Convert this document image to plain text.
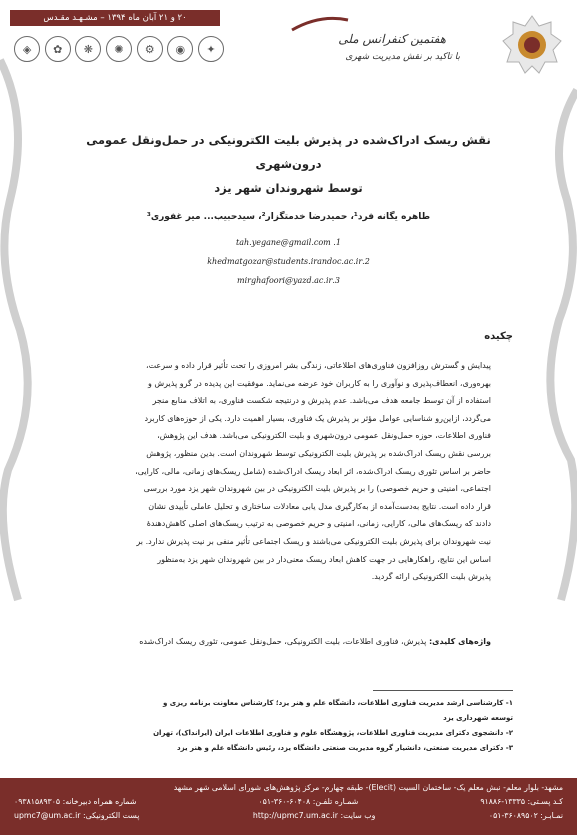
۲۰ و ۲۱ آبان ماه ۱۳۹۴ – مشـهـد مقـدس
◈	✿	❋	✺	⚙	◉	✦
هفتمین کنفرانس ملی
با تاکید بر نقش مدیریت شهری
نقش ریسک ادراک‌شده در پذیرش بلیت الکترونیکی در حمل‌ونقل عمومی درون‌شهری
توسط شهروندان شهر یزد
طاهره یگانه فرد¹، حمیدرضا خدمتگزار²، سیدحبیب... میر غفوری³
1. tah.yegane@gmail.com
2.khedmatgozar@students.irandoc.ac.ir
3.mirghafoori@yazd.ac.ir
چکیده
پیدایش و گسترش روزافزون فناوری‌های اطلاعاتی، زندگی بشر امروزی را تحت تأثیر قرار داده و سرعت،
بهره‌وری، انعطاف‌پذیری و نوآوری را به کاربران خود عرضه می‌نماید. موفقیت این پدیده در گرو پذیرش و
استفاده از آن توسط جامعه هدف می‌باشد. عدم پذیرش و درنتیجه شکست فناوری، به اتلاف منابع منجر
می‌گردد، ازاین‌رو شناسایی عوامل مؤثر بر پذیرش یک فناوری، بسیار اهمیت دارد. یکی از حوزه‌های کاربرد
فناوری اطلاعات، حوزه حمل‌ونقل عمومی درون‌شهری و بلیت الکترونیکی می‌باشد. هدف این پژوهش،
بررسی نقش ریسک ادراک‌شده بر پذیرش بلیت الکترونیکی توسط شهروندان است. بدین منظور، پژوهش
حاضر بر اساس تئوری ریسک ادراک‌شده، اثر ابعاد ریسک ادراک‌شده (شامل ریسک‌های زمانی، مالی، کارایی،
اجتماعی، امنیتی و حریم خصوصی) را بر پذیرش بلیت الکترونیکی در بین شهروندان شهر یزد مورد بررسی
قرار داده است. نتایج به‌دست‌آمده از به‌کارگیری مدل یابی معادلات ساختاری و تحلیل عاملی تأییدی نشان
دادند که ریسک‌های مالی، کارایی، زمانی، امنیتی و حریم خصوصی به ترتیب ریسک‌های اصلی کاهش‌دهندهٔ
نیت شهروندان برای پذیرش بلیت الکترونیکی می‌باشند و ریسک اجتماعی تأثیر منفی بر نیت پذیرش ندارد. بر
اساس این نتایج، راهکارهایی در جهت کاهش ابعاد ریسک معنی‌دار در بین شهروندان شهر یزد به‌منظور
پذیرش بلیت الکترونیکی ارائه گردید.
واژه‌های کلیدی: پذیرش، فناوری اطلاعات، بلیت الکترونیکی، حمل‌ونقل عمومی، تئوری ریسک ادراک‌شده
۱- کارشناسی ارشد مدیریت فناوری اطلاعات، دانشگاه علم و هنر یزد؛ کارشناس معاونت برنامه ریزی و توسعه شهرداری یزد
۲- دانشجوی دکترای مدیریت فناوری اطلاعات، پژوهشگاه علوم و فناوری اطلاعات ایران (ایرانداک)، تهران
۳- دکترای مدیریت صنعتی، دانشیار گروه مدیریت صنعتی دانشگاه یزد، رئیس دانشگاه علم و هنر یزد
مشهد- بلوار معلم- نبش معلم یک- ساختمان السیت (Elecit)- طبقه چهارم- مرکز پژوهش‌های شورای اسلامی شهر مشهد
کـد پسـتی: ۱۳۳۳۵-۹۱۸۸۶
شمـاره تلفـن: ۶۰۴۰۸-۳۶۰-۰۵۱
شماره همراه دبیرخانه: ۰۹۳۸۱۵۸۹۳۰۵
نمـابـر: ۳۶۰۸۹۵۰۲-۰۵۱
وب سایت: http://upmc7.um.ac.ir
پست الکترونیکی: upmc7@um.ac.ir
